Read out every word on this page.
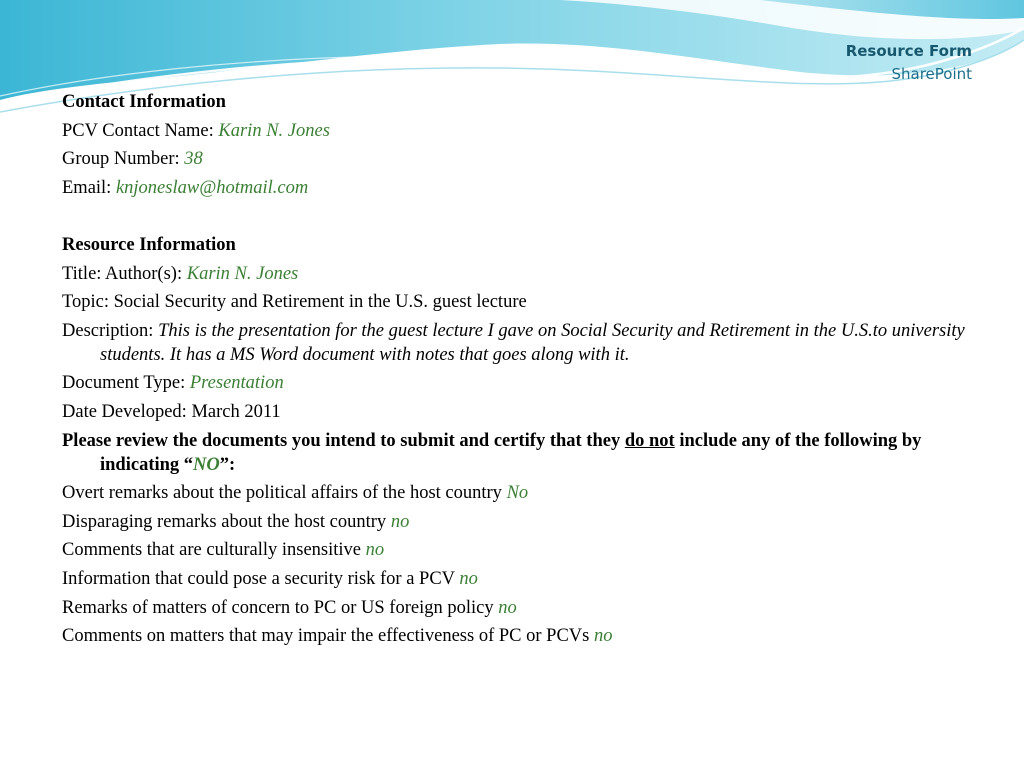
Resource Form
SharePoint
Contact Information
PCV Contact Name: Karin N. Jones
Group Number: 38
Email: knjoneslaw@hotmail.com
Resource Information
Title: Author(s): Karin N. Jones
Topic: Social Security and Retirement in the U.S. guest lecture
Description: This is the presentation for the guest lecture I gave on Social Security and Retirement in the U.S.to university students. It has a MS Word document with notes that goes along with it.
Document Type: Presentation
Date Developed: March 2011
Please review the documents you intend to submit and certify that they do not include any of the following by indicating “NO”:
Overt remarks about the political affairs of the host country No
Disparaging remarks about the host country no
Comments that are culturally insensitive no
Information that could pose a security risk for a PCV no
Remarks of matters of concern to PC or US foreign policy no
Comments on matters that may impair the effectiveness of PC or PCVs no
